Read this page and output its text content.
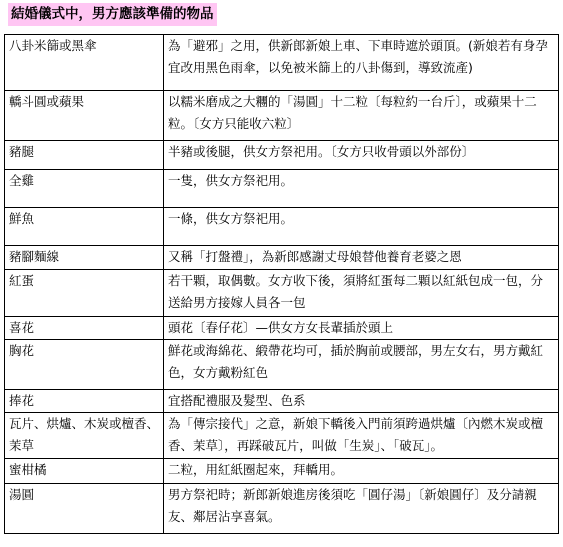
結婚儀式中，男方應該準備的物品
八卦米篩或黑傘	為「避邪」之用，供新郎新娘上車、下車時遮於頭頂。(新娘若有身孕宜改用黑色雨傘，以免被米篩上的八卦傷到，導致流產)
轎斗圓或蘋果	以糯米磨成之大糰的「湯圓」十二粒〔每粒約一台斤〕，或蘋果十二粒。〔女方只能收六粒〕
豬腿	半豬或後腿，供女方祭祀用。〔女方只收骨頭以外部份〕
全雞	一隻，供女方祭祀用。
鮮魚	一條，供女方祭祀用。
豬腳麵線	又稱「打盤禮」，為新郎感謝丈母娘替他養育老婆之恩
紅蛋	若干顆，取偶數。女方收下後，須將紅蛋每二顆以紅紙包成一包，分送給男方接嫁人員各一包
喜花	頭花〔春仔花〕—供女方女長輩插於頭上
胸花	鮮花或海綿花、緞帶花均可，插於胸前或腰部，男左女右，男方戴紅色，女方戴粉紅色
捧花	宜搭配禮服及髮型、色系
瓦片、烘爐、木炭或檀香、茉草	為「傳宗接代」之意，新娘下轎後入門前須跨過烘爐〔內燃木炭或檀香、茉草〕，再踩破瓦片，叫做「生炭」、「破瓦」。
蜜柑橘	二粒，用紅紙圈起來，拜轎用。
湯圓	男方祭祀時；新郎新娘進房後須吃「圓仔湯」〔新娘圓仔〕及分請親友、鄰居沾享喜氣。
